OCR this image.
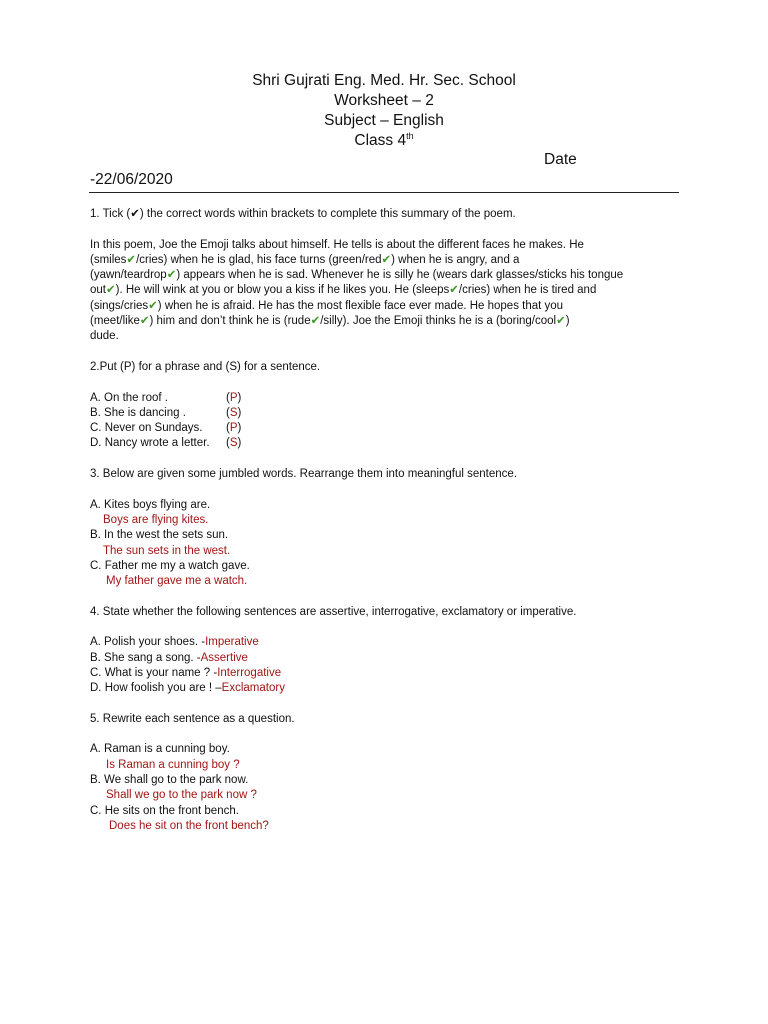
Shri Gujrati Eng. Med. Hr. Sec. School
Worksheet – 2
Subject – English
Class 4th
Date
-22/06/2020

1. Tick (✔) the correct words within brackets to complete this summary of the poem.

In this poem, Joe the Emoji talks about himself. He tells is about the different faces he makes. He

(smiles✔/cries) when he is glad, his face turns (green/red✔) when he is angry, and a

(yawn/teardrop✔) appears when he is sad. Whenever he is silly he (wears dark glasses/sticks his tongue

out✔). He will wink at you or blow you a kiss if he likes you. He (sleeps✔/cries) when he is tired and

(sings/cries✔) when he is afraid. He has the most flexible face ever made. He hopes that you

(meet/like✔) him and don’t think he is (rude✔/silly). Joe the Emoji thinks he is a (boring/cool✔)

dude.

2.Put (P) for a phrase and (S) for a sentence.

A. On the roof .	(P)
B. She is dancing .	(S)
C. Never on Sundays. (P)
D. Nancy wrote a letter. (S)

3. Below are given some jumbled words. Rearrange them into meaningful sentence.

A. Kites boys flying are.

Boys are flying kites.

B. In the west the sets sun.

The sun sets in the west.

C. Father me my a watch gave.

My father gave me a watch.

4. State whether the following sentences are assertive, interrogative, exclamatory or imperative.

A. Polish your shoes. -Imperative

B. She sang a song. -Assertive

C. What is your name ? -Interrogative

D. How foolish you are ! –Exclamatory

5. Rewrite each sentence as a question.

A. Raman is a cunning boy.

Is Raman a cunning boy ?

B. We shall go to the park now.

Shall we go to the park now ?

C. He sits on the front bench.

Does he sit on the front bench?
